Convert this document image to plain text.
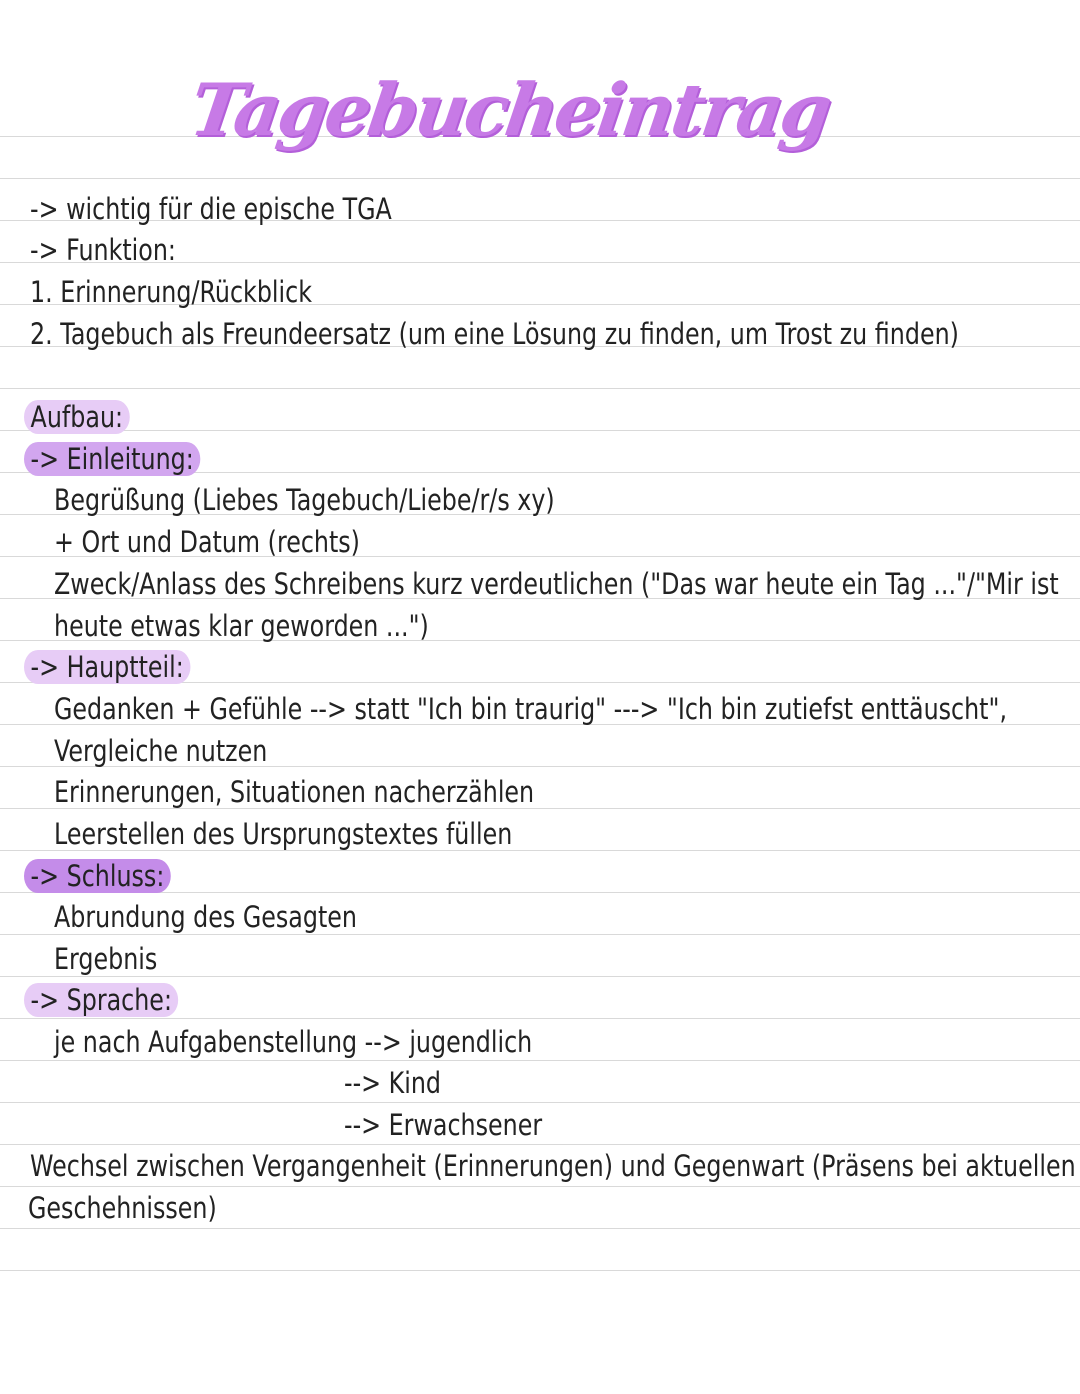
Tagebucheintrag
-> wichtig für die epische TGA
-> Funktion:
1. Erinnerung/Rückblick
2. Tagebuch als Freundeersatz (um eine Lösung zu finden, um Trost zu finden)
Aufbau:
-> Einleitung:
Begrüßung (Liebes Tagebuch/Liebe/r/s xy)
+ Ort und Datum (rechts)
Zweck/Anlass des Schreibens kurz verdeutlichen ("Das war heute ein Tag ..."/"Mir ist
heute etwas klar geworden ...")
-> Hauptteil:
Gedanken + Gefühle --> statt "Ich bin traurig" ---> "Ich bin zutiefst enttäuscht",
Vergleiche nutzen
Erinnerungen, Situationen nacherzählen
Leerstellen des Ursprungstextes füllen
-> Schluss:
Abrundung des Gesagten
Ergebnis
-> Sprache:
je nach Aufgabenstellung --> jugendlich
--> Kind
--> Erwachsener
Wechsel zwischen Vergangenheit (Erinnerungen) und Gegenwart (Präsens bei aktuellen
Geschehnissen)
